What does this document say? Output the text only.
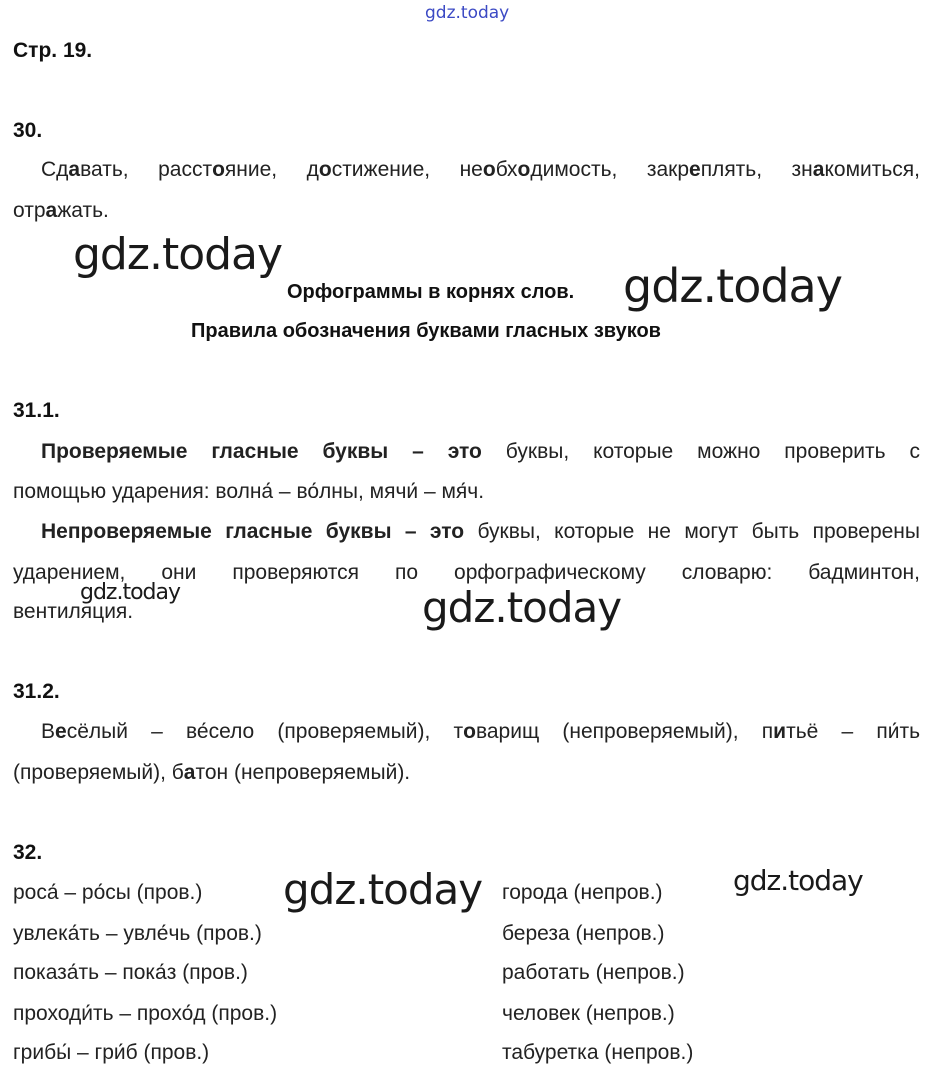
gdz.today
Стр. 19.
30.
Сдавать, расстояние, достижение, необходимость, закреплять, знакомиться,
отражать.
gdz.today
gdz.today
Орфограммы в корнях слов.
Правила обозначения буквами гласных звуков
31.1.
Проверяемые гласные буквы – это буквы, которые можно проверить с
помощью ударения: волна́ – во́лны, мячи́ – мя́ч.
Непроверяемые гласные буквы – это буквы, которые не могут быть проверены
ударением, они проверяются по орфографическому словарю: бадминтон,
вентиляция.
gdz.today	gdz.today
31.2.
Весёлый – ве́село (проверяемый), товарищ (непроверяемый), питьё – пи́ть
(проверяемый), батон (непроверяемый).
32.
роса́ – ро́сы (пров.)
увлека́ть – увле́чь (пров.)
показа́ть – пока́з (пров.)
проходи́ть – прохо́д (пров.)
грибы́ – гри́б (пров.)
города (непров.)
береза (непров.)
работать (непров.)
человек (непров.)
табуретка (непров.)
gdz.today	gdz.today
